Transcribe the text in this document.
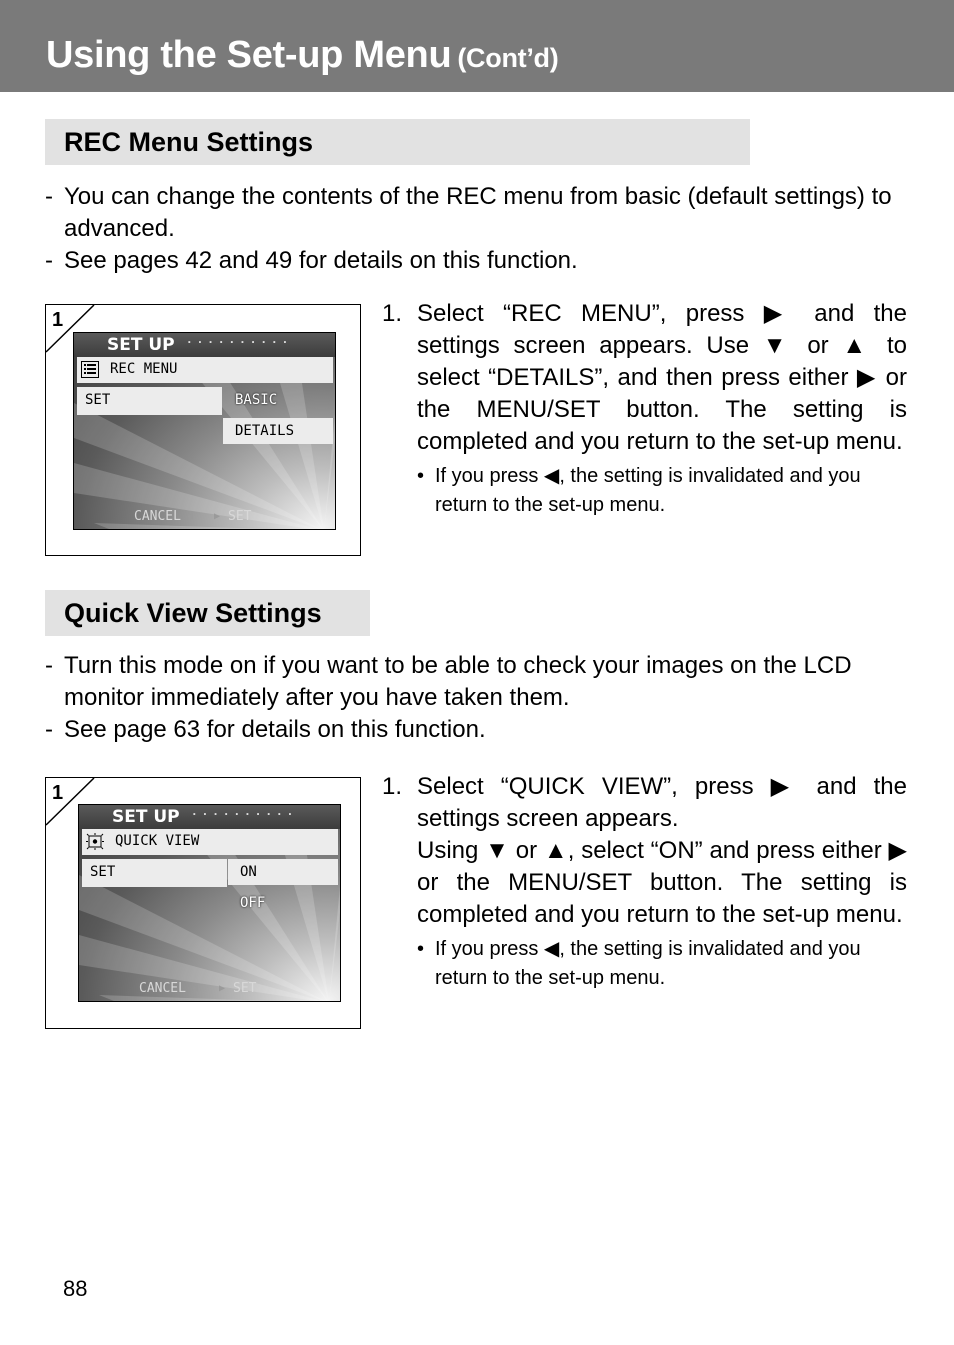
Using the Set-up Menu (Cont’d)
REC Menu Settings
- You can change the contents of the REC menu from basic (default settings) to advanced.
- See pages 42 and 49 for details on this function.
1
SET UP ··········
REC MENU
SET	BASIC
DETAILS
CANCEL ◀ ▶ SET
1. Select “REC MENU”, press ▶ and the settings screen appears. Use ▼ or ▲ to select “DETAILS”, and then press either ▶ or the MENU/SET button. The setting is completed and you return to the set-up menu.
• If you press ◀, the setting is invalidated and you return to the set-up menu.
Quick View Settings
- Turn this mode on if you want to be able to check your images on the LCD monitor immediately after you have taken them.
- See page 63 for details on this function.
1
SET UP ··········
QUICK VIEW
SET	ON
OFF
CANCEL ◀ ▶ SET
1. Select “QUICK VIEW”, press ▶ and the settings screen appears.
Using ▼ or ▲, select “ON” and press either ▶ or the MENU/SET button. The setting is completed and you return to the set-up menu.
• If you press ◀, the setting is invalidated and you return to the set-up menu.
88
